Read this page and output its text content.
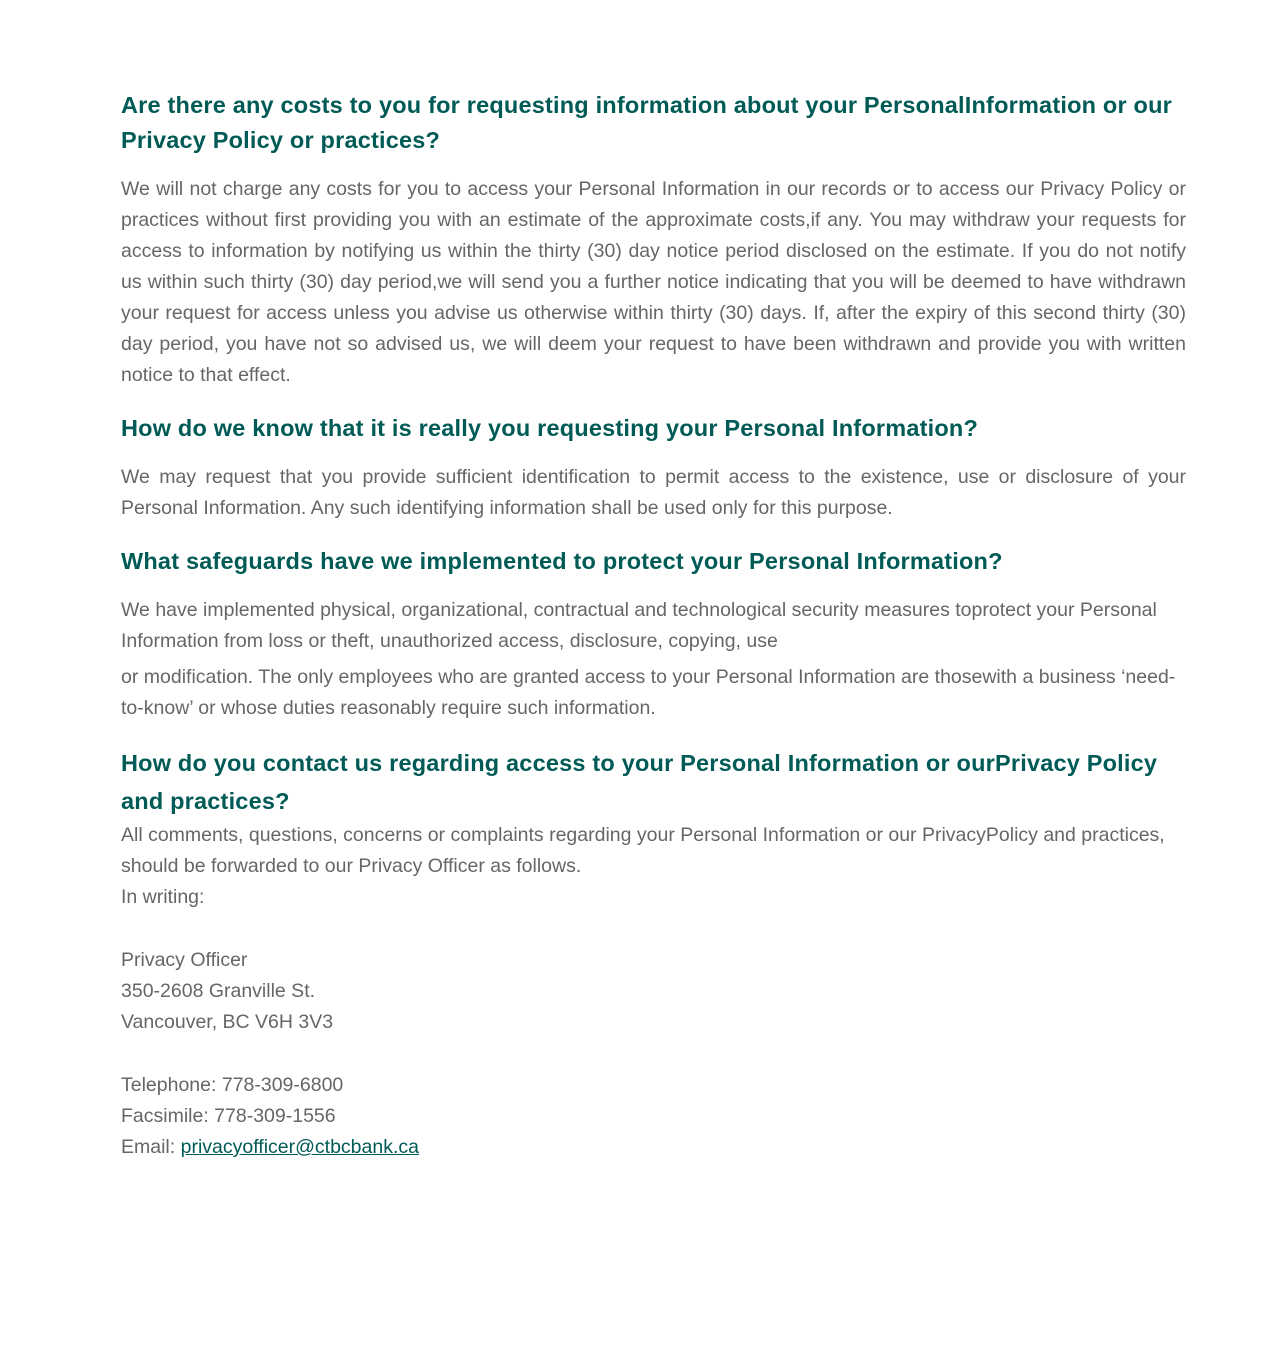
Are there any costs to you for requesting information about your PersonalInformation or our Privacy Policy or practices?

We will not charge any costs for you to access your Personal Information in our records or to access our Privacy Policy or practices without first providing you with an estimate of the approximate costs,if any. You may withdraw your requests for access to information by notifying us within the thirty (30) day notice period disclosed on the estimate. If you do not notify us within such thirty (30) day period,we will send you a further notice indicating that you will be deemed to have withdrawn your request for access unless you advise us otherwise within thirty (30) days. If, after the expiry of this second thirty (30) day period, you have not so advised us, we will deem your request to have been withdrawn and provide you with written notice to that effect.

How do we know that it is really you requesting your Personal Information?

We may request that you provide sufficient identification to permit access to the existence, use or disclosure of your Personal Information. Any such identifying information shall be used only for this purpose.

What safeguards have we implemented to protect your Personal Information?

We have implemented physical, organizational, contractual and technological security measures toprotect your Personal Information from loss or theft, unauthorized access, disclosure, copying, use

or modification. The only employees who are granted access to your Personal Information are thosewith a business ‘need-to-know’ or whose duties reasonably require such information.

How do you contact us regarding access to your Personal Information or ourPrivacy Policy and practices?

All comments, questions, concerns or complaints regarding your Personal Information or our PrivacyPolicy and practices, should be forwarded to our Privacy Officer as follows.

In writing:

Privacy Officer

350-2608 Granville St.

Vancouver, BC V6H 3V3

Telephone: 778-309-6800

Facsimile: 778-309-1556

Email: privacyofficer@ctbcbank.ca
